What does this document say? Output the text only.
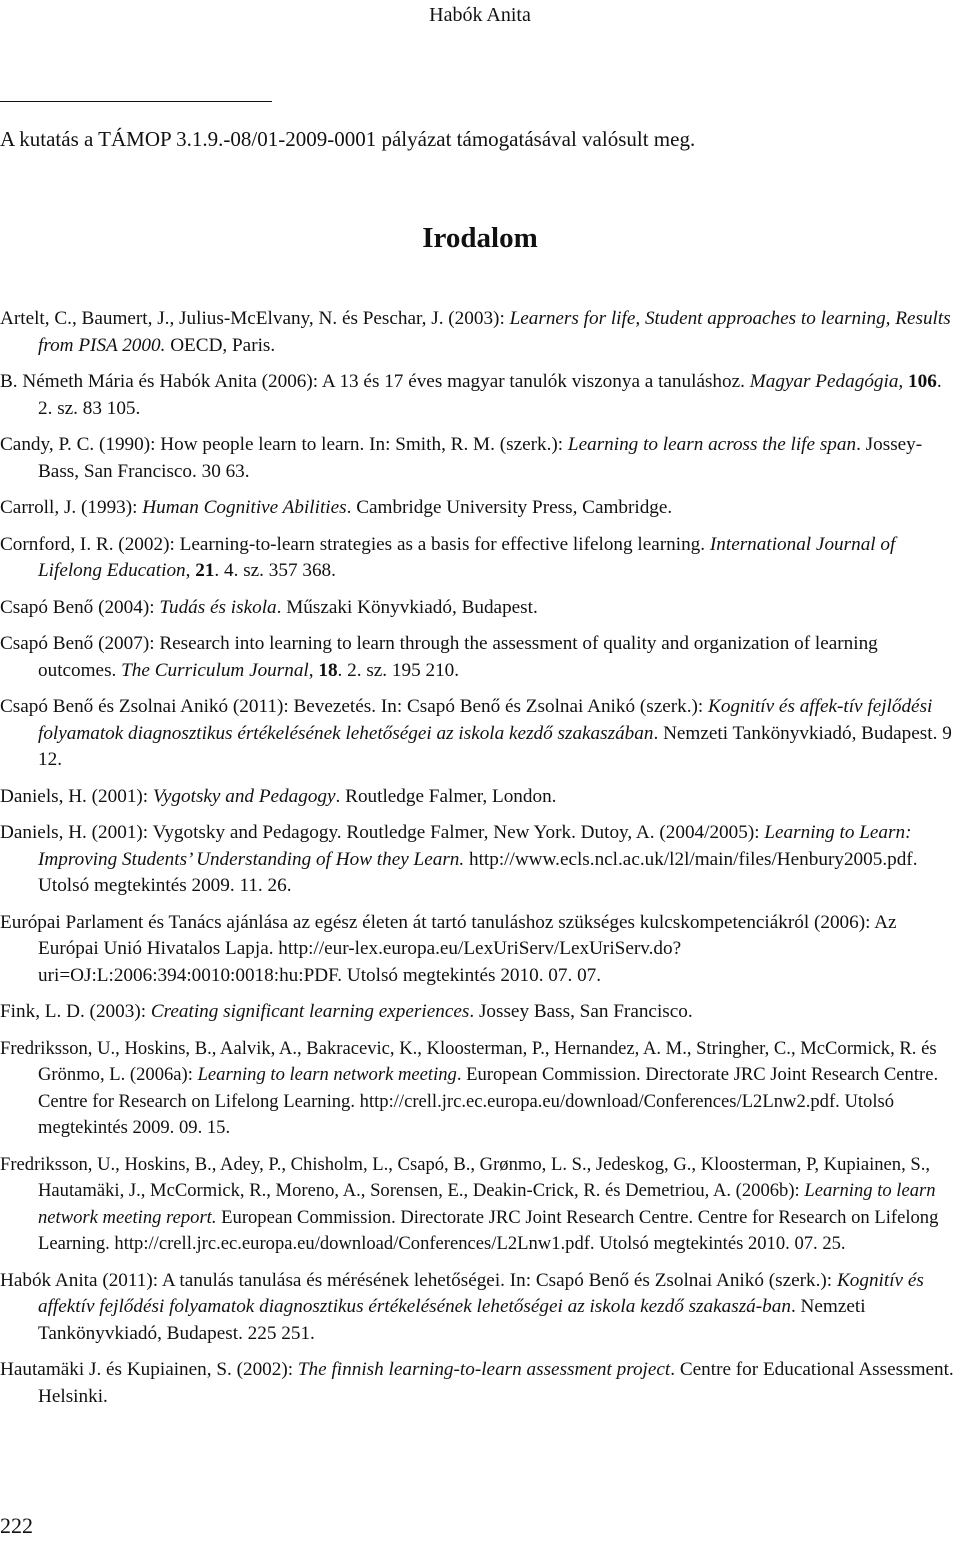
Habók Anita
A kutatás a TÁMOP 3.1.9.-08/01-2009-0001 pályázat támogatásával valósult meg.
Irodalom
Artelt, C., Baumert, J., Julius-McElvany, N. és Peschar, J. (2003): Learners for life, Student approaches to learning, Results from PISA 2000. OECD, Paris.
B. Németh Mária és Habók Anita (2006): A 13 és 17 éves magyar tanulók viszonya a tanuláshoz. Magyar Pedagógia, 106. 2. sz. 83 105.
Candy, P. C. (1990): How people learn to learn. In: Smith, R. M. (szerk.): Learning to learn across the life span. Jossey-Bass, San Francisco. 30 63.
Carroll, J. (1993): Human Cognitive Abilities. Cambridge University Press, Cambridge.
Cornford, I. R. (2002): Learning-to-learn strategies as a basis for effective lifelong learning. International Journal of Lifelong Education, 21. 4. sz. 357 368.
Csapó Benő (2004): Tudás és iskola. Műszaki Könyvkiadó, Budapest.
Csapó Benő (2007): Research into learning to learn through the assessment of quality and organization of learning outcomes. The Curriculum Journal, 18. 2. sz. 195 210.
Csapó Benő és Zsolnai Anikó (2011): Bevezetés. In: Csapó Benő és Zsolnai Anikó (szerk.): Kognitív és affek-tív fejlődési folyamatok diagnosztikus értékelésének lehetőségei az iskola kezdő szakaszában. Nemzeti Tankönyvkiadó, Budapest. 9 12.
Daniels, H. (2001): Vygotsky and Pedagogy. Routledge Falmer, London.
Daniels, H. (2001): Vygotsky and Pedagogy. Routledge Falmer, New York. Dutoy, A. (2004/2005): Learning to Learn: Improving Students’ Understanding of How they Learn. http://www.ecls.ncl.ac.uk/l2l/main/files/Henbury2005.pdf. Utolsó megtekintés 2009. 11. 26.
Európai Parlament és Tanács ajánlása az egész életen át tartó tanuláshoz szükséges kulcskompetenciákról (2006): Az Európai Unió Hivatalos Lapja. http://eur-lex.europa.eu/LexUriServ/LexUriServ.do?uri=OJ:L:2006:394:0010:0018:hu:PDF. Utolsó megtekintés 2010. 07. 07.
Fink, L. D. (2003): Creating significant learning experiences. Jossey Bass, San Francisco.
Fredriksson, U., Hoskins, B., Aalvik, A., Bakracevic, K., Kloosterman, P., Hernandez, A. M., Stringher, C., McCormick, R. és Grönmo, L. (2006a): Learning to learn network meeting. European Commission. Directorate JRC Joint Research Centre. Centre for Research on Lifelong Learning. http://crell.jrc.ec.europa.eu/download/Conferences/L2Lnw2.pdf. Utolsó megtekintés 2009. 09. 15.
Fredriksson, U., Hoskins, B., Adey, P., Chisholm, L., Csapó, B., Grønmo, L. S., Jedeskog, G., Kloosterman, P, Kupiainen, S., Hautamäki, J., McCormick, R., Moreno, A., Sorensen, E., Deakin-Crick, R. és Demetriou, A. (2006b): Learning to learn network meeting report. European Commission. Directorate JRC Joint Research Centre. Centre for Research on Lifelong Learning. http://crell.jrc.ec.europa.eu/download/Conferences/L2Lnw1.pdf. Utolsó megtekintés 2010. 07. 25.
Habók Anita (2011): A tanulás tanulása és mérésének lehetőségei. In: Csapó Benő és Zsolnai Anikó (szerk.): Kognitív és affektív fejlődési folyamatok diagnosztikus értékelésének lehetőségei az iskola kezdő szakaszá-ban. Nemzeti Tankönyvkiadó, Budapest. 225 251.
Hautamäki J. és Kupiainen, S. (2002): The finnish learning-to-learn assessment project. Centre for Educational Assessment. Helsinki.
222
